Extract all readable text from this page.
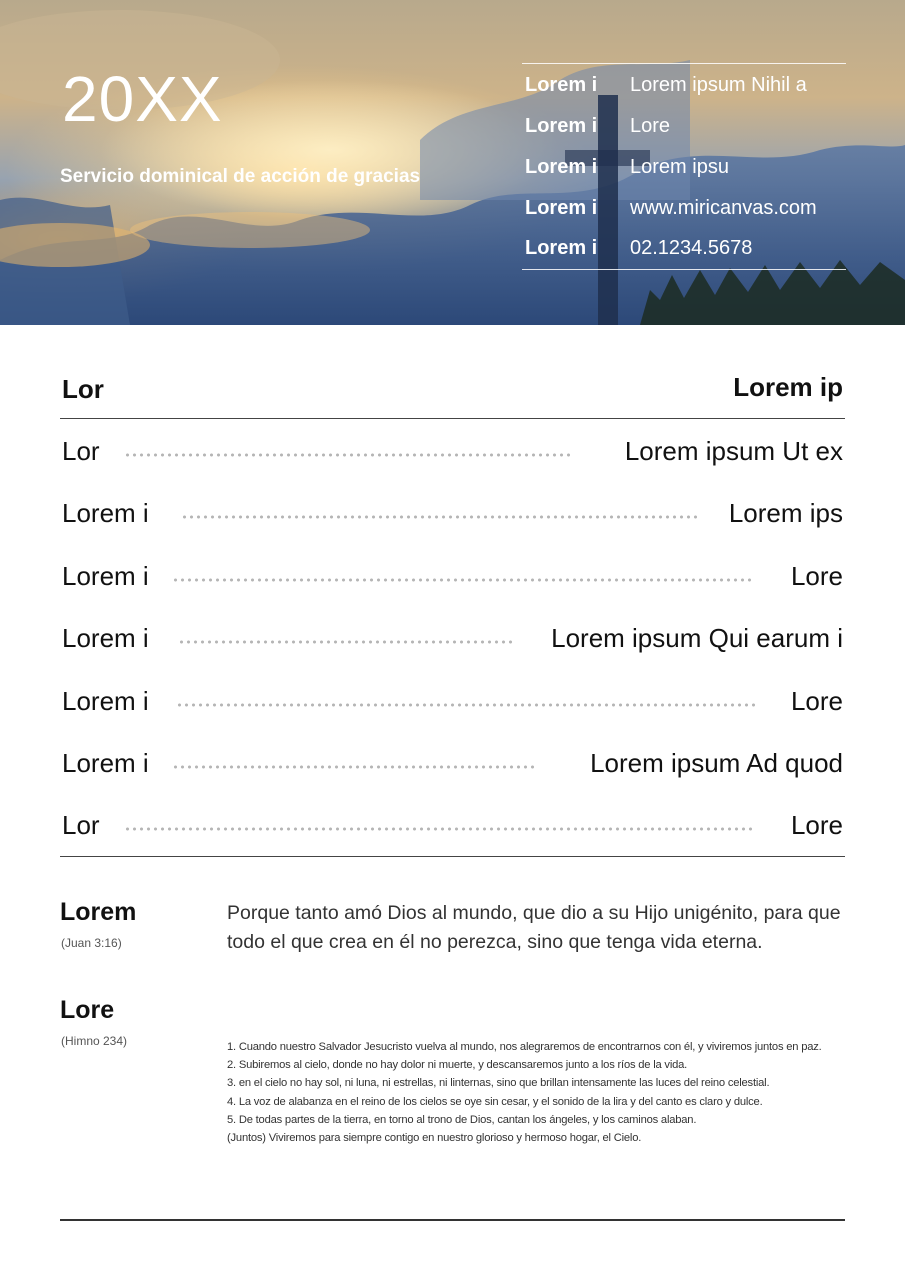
20XX
Servicio dominical de acción de gracias
Lorem i Lorem ipsum Nihil a
Lorem i Lore
Lorem i Lorem ipsu
Lorem i www.miricanvas.com
Lorem i 02.1234.5678
Lor	Lorem ip
Lor	Lorem ipsum Ut ex
Lorem i	Lorem ips
Lorem i	Lore
Lorem i	Lorem ipsum Qui earum i
Lorem i	Lore
Lorem i	Lorem ipsum Ad quod
Lor	Lore
Lorem
(Juan 3:16)
Porque tanto amó Dios al mundo, que dio a su Hijo unigénito, para que todo el que crea en él no perezca, sino que tenga vida eterna.
Lore
(Himno 234)	1. Cuando nuestro Salvador Jesucristo vuelva al mundo, nos alegraremos de encontrarnos con él, y viviremos juntos en paz.
2. Subiremos al cielo, donde no hay dolor ni muerte, y descansaremos junto a los ríos de la vida.
3. en el cielo no hay sol, ni luna, ni estrellas, ni linternas, sino que brillan intensamente las luces del reino celestial.
4. La voz de alabanza en el reino de los cielos se oye sin cesar, y el sonido de la lira y del canto es claro y dulce.
5. De todas partes de la tierra, en torno al trono de Dios, cantan los ángeles, y los caminos alaban.
(Juntos) Viviremos para siempre contigo en nuestro glorioso y hermoso hogar, el Cielo.
